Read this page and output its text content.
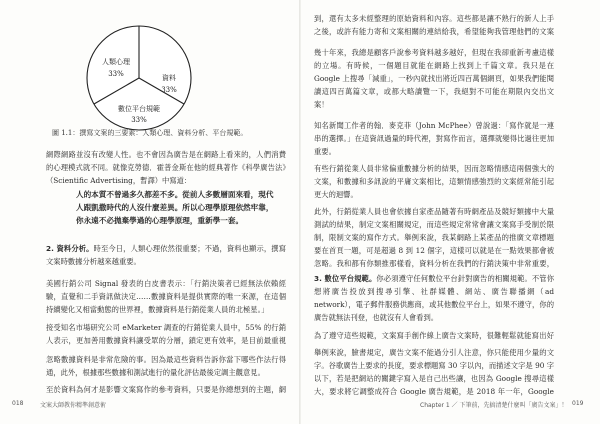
人類心理
33%	資料
33%
數位平台規範
33%
圖 1.1：撰寫文案的三要素：人類心理、資料分析、平台規範。
網際網路並沒有改變人性。也不會因為廣告是在網路上看來的，人們消費的心理模式就不同。就像克勞德．霍普金斯在他的經典著作《科學廣告法》（Scientific Advertising，暫譯）中寫道：
人的本質不曾過多久都差不多。從前人多數層面來看，現代人跟凱撒時代的人沒什麼差異。所以心理學原理依然牢靠，你永遠不必拋棄學過的心理學原理，重新學一套。
2. 資料分析。時至今日，人類心理依然很重要；不過，資料也顯示，撰寫文案時數據分析越來越重要。
美國行銷公司 Signal 發表的白皮書表示：「行銷決策者已經無法依賴經驗，直覺和二手資訊做決定……數據資料是提供實際的唯一來源，在這個持續變化又相當動態的世界裡，數據資料是行銷從業人員的北極星。」
接受知名市場研究公司 eMarketer 調查的行銷從業人員中，55% 的行銷人表示，更加善用數據資料讓受眾的分層，鎖定更有效率，是目前最重視
忽略數據資料是非常危險的事。因為最這些資料告訴你當下哪些作法行得通，此外，根據那些數據和測試進行的量化評估最後定調主觀意見。
至於資料為何才是影響文案寫作的參考資料，只要是你總想到的主題，網
018	文案大師教你精準創意術
到，還有太多未經整理的原始資料和內容。這些都是讓不熟行的新人上手之後，或許有能力寄和文案相關的連結給我，希望能夠我管理他們的文案
幾十年來，我總是顧客戶說參考資料越多越好，但現在我卻重新考慮這樣的立場。有時候，一個題目就能在網路上找到上千篇文章。我只是在 Google 上搜尋「減重」，一秒內就找出將近四百萬個網頁，如果我們能閱讀這四百萬篇文章，或都大略讀覽一下，我絕對不可能在期限內交出文案！
知名新聞工作者的翰．麥克菲（John McPhee）曾說過：「寫作就是一連串的選擇。」在這資訊過量的時代裡，對寫作而言，選擇就變得比過往更加重要。
有些行銷從業人員非常偏重數據分析的結果，因而忽略情感這兩個強大的文案，和數據和多訊說的平庸文案相比，這類情感強烈的文案經常能引起更大的迴響。
此外，行銷從業人員也會依據自家產品隨著有時網產品及競好類據中大量測試的結果，制定文案相關規定，而這些規定常常會讓文案寫手受制於限制，限制文案的寫作方式。舉例來說，我某網路上某產品的推廣文章標題要在首頁一題，可是超過 8 到 12 個字，這樣可以就是在一點效果都會被忽略。我和都有你類推那樣看，資料分析在我們的行銷決策中非常重要，
3. 數位平台規範。你必須遵守任何數位平台針對廣告的相關規範。不管你想將廣告投放到搜尋引擎、社群媒體、網站、廣告聯播網（ad network），電子郵件服務供應商，或其他數位平台上，如果不遵守，你的廣告就無法刊登，也就沒有人會看到。
為了遵守這些規範，文案寫手創作線上廣告文案時，很難輕鬆就能寫出好
舉例來說，臉書規定，廣告文案不能過分引人注意，你只能使用少量的文字。谷歌廣告上要求的長度，要求標題寫 30 字以內，而描述文字是 90 字以下，若是把網站的關鍵字寫入是自己出些讓，也因為 Google 搜尋這樣大，要求將它調整成符合 Google 廣告規範，是 2018 年一年，Google
Chapter 1 ／ 下筆前，先搞清楚什麼叫「廣告文案」！ 019
